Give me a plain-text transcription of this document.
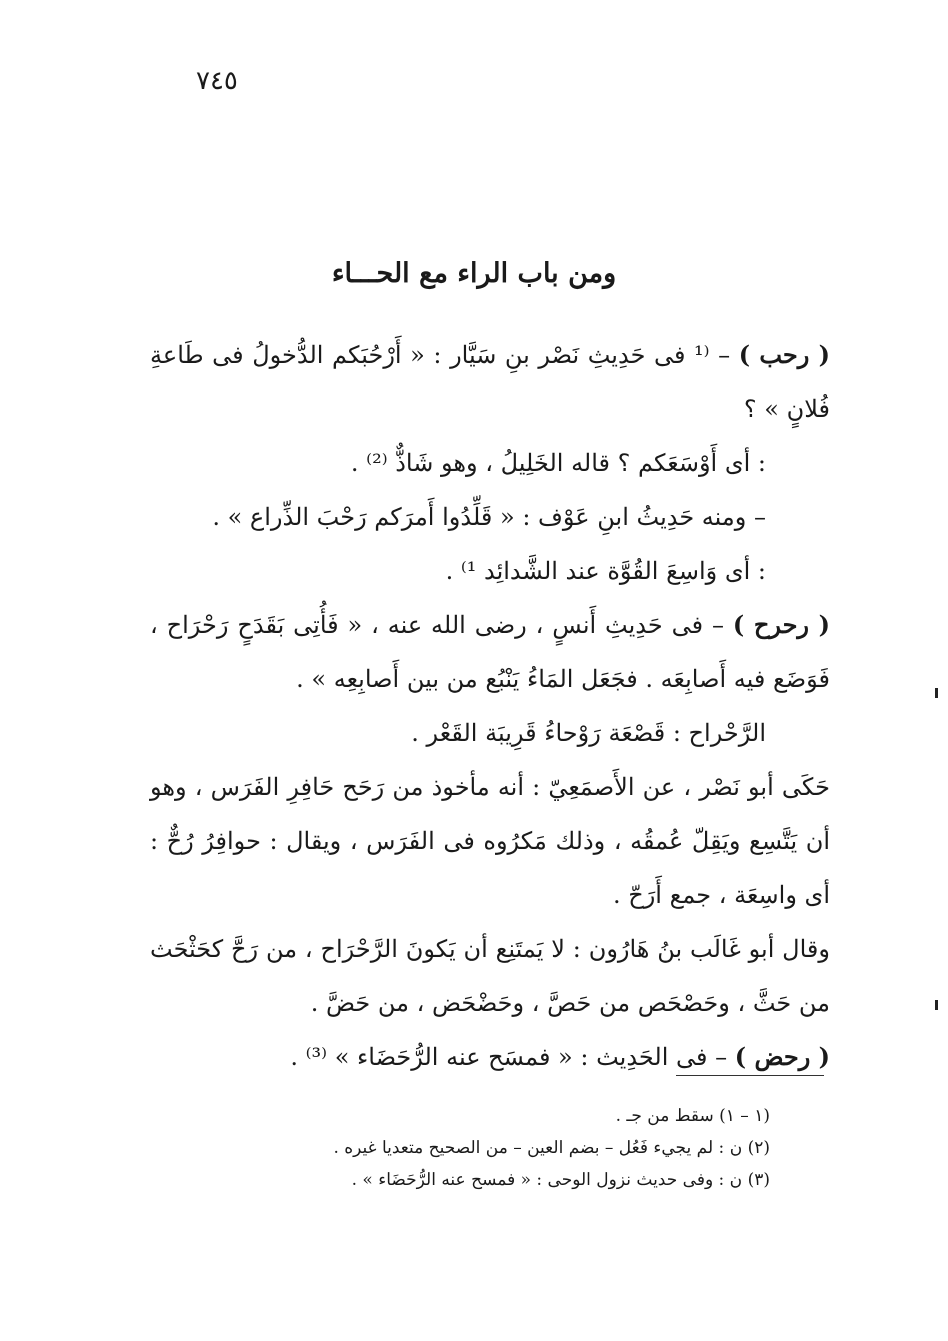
٧٤٥
ومن باب الراء مع الحـــاء

( رحب ) – ⁽¹ فى حَدِيثِ نَصْر بنِ سَيَّار : « أَرْحُبَكم الدُّخولُ فى طَاعةِ فُلانٍ » ؟

: أى أَوْسَعَكم ؟ قاله الخَلِيلُ ، وهو شَاذٌّ ⁽²⁾ .

– ومنه حَدِيثُ ابنِ عَوْف : « قَلِّدُوا أَمرَكم رَحْبَ الذِّراع » .

: أى وَاسِعَ القُوَّة عند الشَّدائِد ¹⁾ .

( رحرح ) – فى حَدِيثِ أَنسٍ ، رضى الله عنه ، « فَأُتِى بَقَدَحٍ رَحْرَاح ، فَوَضَع فيه أَصابِعَه . فجَعَل المَاءُ يَنْبُع من بين أَصابِعِه » .

الرَّحْراح : قَصْعَة رَوْحاءُ قَرِيبَة القَعْر .

حَكَى أبو نَصْر ، عن الأَصمَعِيّ : أنه مأخوذ من رَحَح حَافِرِ الفَرَس ، وهو أن يَتَّسِع ويَقِلّ عُمقُه ، وذلك مَكرُوه فى الفَرَس ، ويقال : حوافِرُ رُحٌّ : أى واسِعَة ، جمع أَرَحّ .

وقال أبو غَالَب بنُ هَارُون : لا يَمتَنِع أن يَكونَ الرَّحْرَاح ، من رَحَّ كحَثْحَث من حَثَّ ، وحَصْحَص من حَصَّ ، وحَضْحَض ، من حَضَّ .

( رحض ) – فى الحَدِيث : « فمسَح عنه الرُّحَضَاء » ⁽³⁾ .

(١ – ١) سقط من جـ .

(٢) ن : لم يجيء فَعُل – بضم العين – من الصحيح متعديا غيره .

(٣) ن : وفى حديث نزول الوحى : « فمسح عنه الرُّحَضَاء » .
